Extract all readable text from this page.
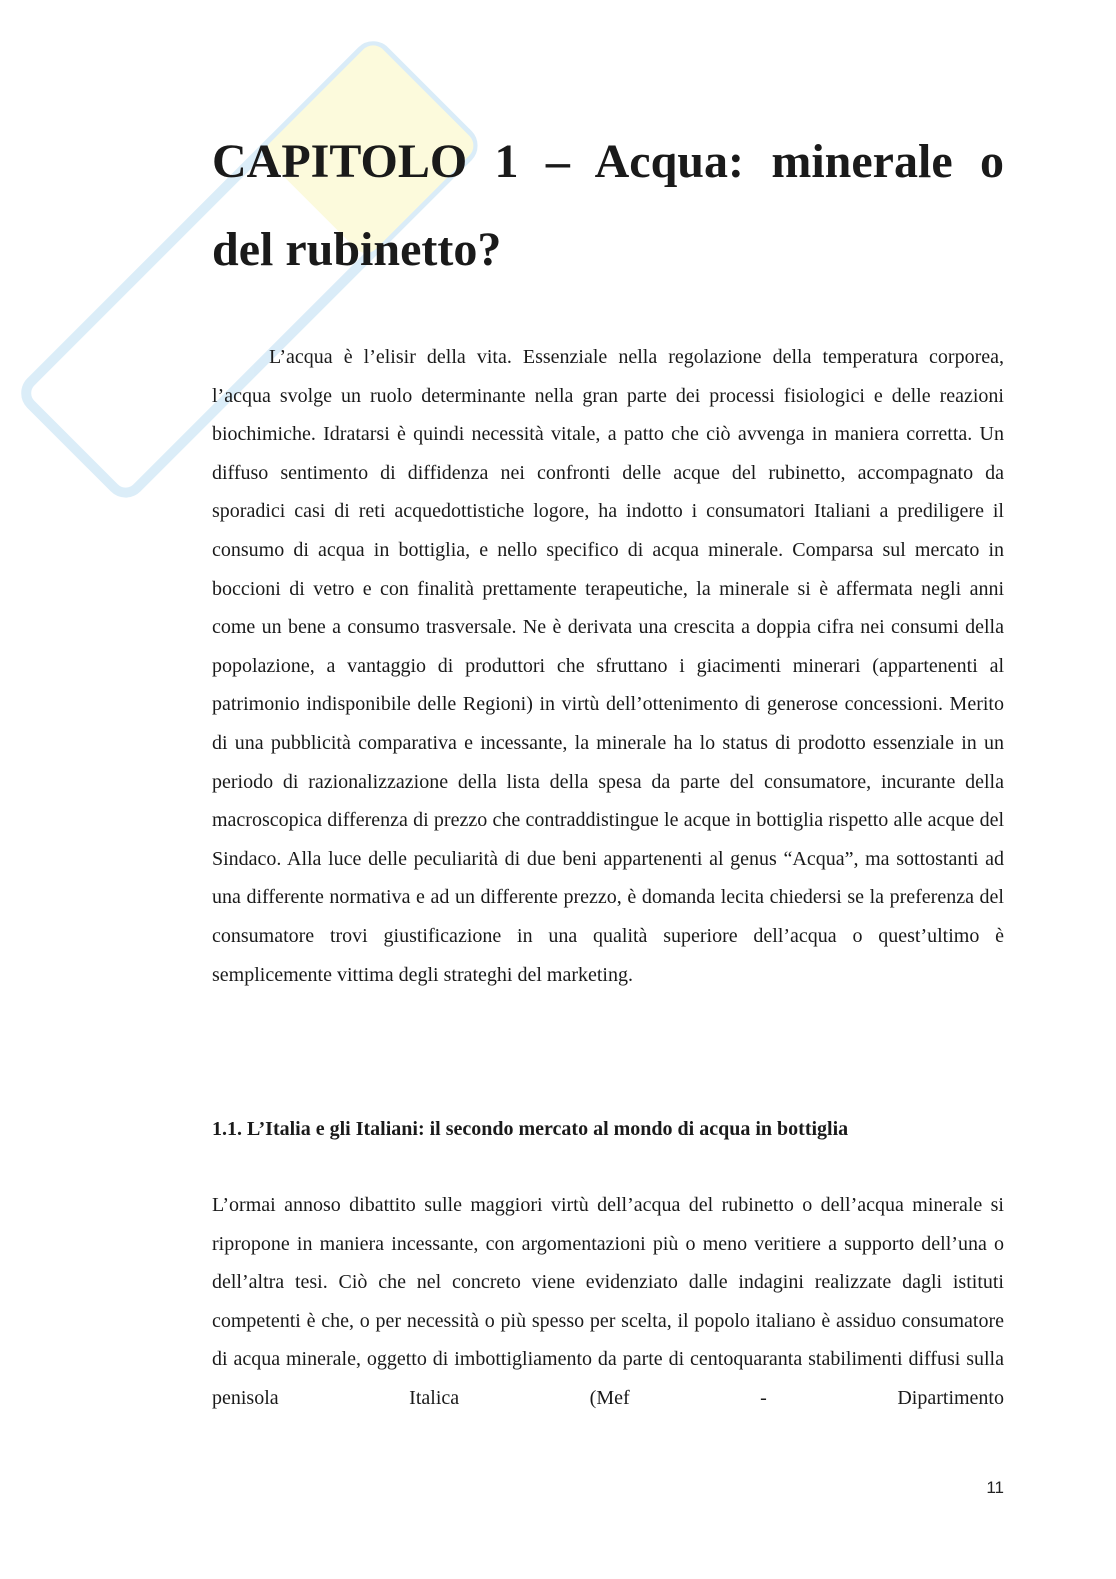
CAPITOLO 1 – Acqua: minerale o
del rubinetto?

L’acqua è l’elisir della vita. Essenziale nella regolazione della temperatura corporea, l’acqua svolge un ruolo determinante nella gran parte dei processi fisiologici e delle reazioni biochimiche. Idratarsi è quindi necessità vitale, a patto che ciò avvenga in maniera corretta. Un diffuso sentimento di diffidenza nei confronti delle acque del rubinetto, accompagnato da sporadici casi di reti acquedottistiche logore, ha indotto i consumatori Italiani a prediligere il consumo di acqua in bottiglia, e nello specifico di acqua minerale. Comparsa sul mercato in boccioni di vetro e con finalità prettamente terapeutiche, la minerale si è affermata negli anni come un bene a consumo trasversale. Ne è derivata una crescita a doppia cifra nei consumi della popolazione, a vantaggio di produttori che sfruttano i giacimenti minerari (appartenenti al patrimonio indisponibile delle Regioni) in virtù dell’ottenimento di generose concessioni. Merito di una pubblicità comparativa e incessante, la minerale ha lo status di prodotto essenziale in un periodo di razionalizzazione della lista della spesa da parte del consumatore, incurante della macroscopica differenza di prezzo che contraddistingue le acque in bottiglia rispetto alle acque del Sindaco. Alla luce delle peculiarità di due beni appartenenti al genus “Acqua”, ma sottostanti ad una differente normativa e ad un differente prezzo, è domanda lecita chiedersi se la preferenza del consumatore trovi giustificazione in una qualità superiore dell’acqua o quest’ultimo è semplicemente vittima degli strateghi del marketing.

1.1. L’Italia e gli Italiani: il secondo mercato al mondo di acqua in bottiglia

L’ormai annoso dibattito sulle maggiori virtù dell’acqua del rubinetto o dell’acqua minerale si ripropone in maniera incessante, con argomentazioni più o meno veritiere a supporto dell’una o dell’altra tesi. Ciò che nel concreto viene evidenziato dalle indagini realizzate dagli istituti competenti è che, o per necessità o più spesso per scelta, il popolo italiano è assiduo consumatore di acqua minerale, oggetto di imbottigliamento da parte di centoquaranta stabilimenti diffusi sulla penisola Italica (Mef - Dipartimento

11
